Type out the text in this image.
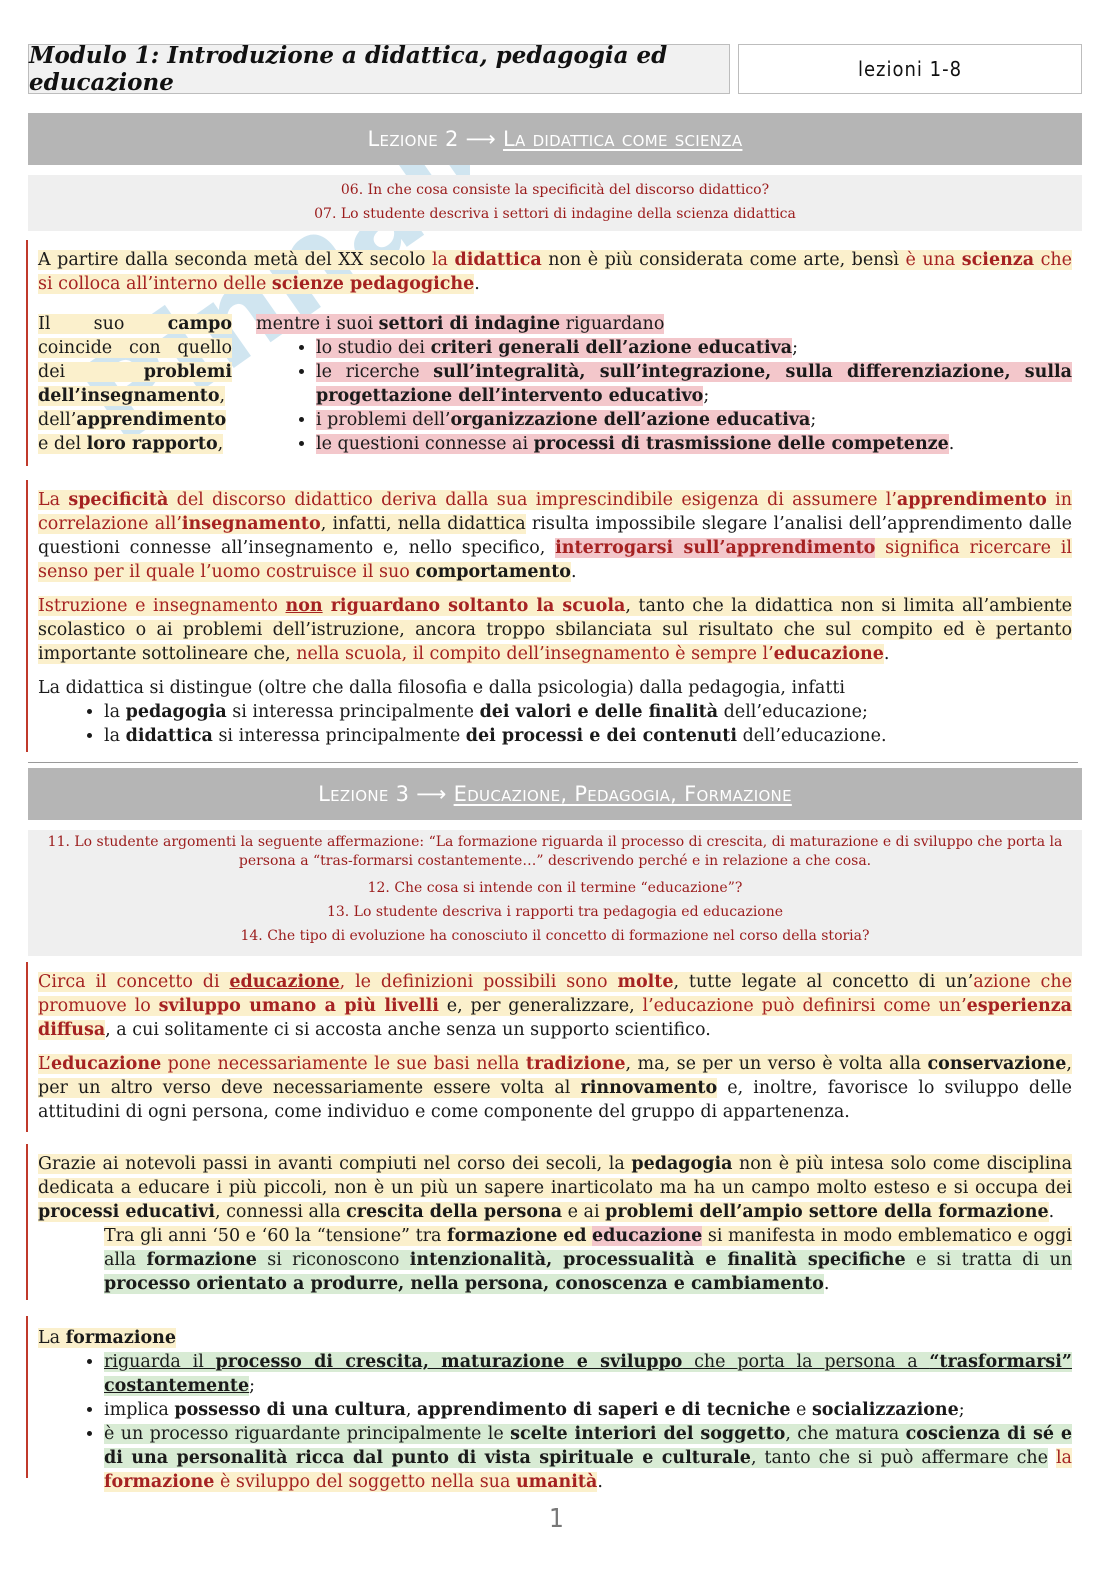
Modulo 1: Introduzione a didattica, pedagogia ed educazione	lezioni 1-8
Lezione 2 ⟶
La didattica come scienza
06. In che cosa consiste la specificità del discorso didattico?
07. Lo studente descriva i settori di indagine della scienza didattica

A partire dalla seconda metà del XX secolo la didattica non è più considerata come arte, bensì è una scienza che si colloca all’interno delle scienze pedagogiche.

Il suo campo coincide con quello dei problemi dell’insegnamento, dell’apprendimento e del loro rapporto,
mentre i suoi settori di indagine riguardano
• lo studio dei criteri generali dell’azione educativa;
• le ricerche sull’integralità, sull’integrazione, sulla differenziazione, sulla progettazione dell’intervento educativo;
• i problemi dell’organizzazione dell’azione educativa;
• le questioni connesse ai processi di trasmissione delle competenze.

La specificità del discorso didattico deriva dalla sua imprescindibile esigenza di assumere l’apprendimento in correlazione all’insegnamento, infatti, nella didattica risulta impossibile slegare l’analisi dell’apprendimento dalle questioni connesse all’insegnamento e, nello specifico, interrogarsi sull’apprendimento significa ricercare il senso per il quale l’uomo costruisce il suo comportamento.

Istruzione e insegnamento non riguardano soltanto la scuola, tanto che la didattica non si limita all’ambiente scolastico o ai problemi dell’istruzione, ancora troppo sbilanciata sul risultato che sul compito ed è pertanto importante sottolineare che, nella scuola, il compito dell’insegnamento è sempre l’educazione.

La didattica si distingue (oltre che dalla filosofia e dalla psicologia) dalla pedagogia, infatti

• la pedagogia si interessa principalmente dei valori e delle finalità dell’educazione;
• la didattica si interessa principalmente dei processi e dei contenuti dell’educazione.
Lezione 3 ⟶
Educazione, Pedagogia, Formazione
11. Lo studente argomenti la seguente affermazione: “La formazione riguarda il processo di crescita, di maturazione e di sviluppo che porta la persona a “tras-formarsi costantemente…” descrivendo perché e in relazione a che cosa.
12. Che cosa si intende con il termine “educazione”?
13. Lo studente descriva i rapporti tra pedagogia ed educazione
14. Che tipo di evoluzione ha conosciuto il concetto di formazione nel corso della storia?

Circa il concetto di educazione, le definizioni possibili sono molte, tutte legate al concetto di un’azione che promuove lo sviluppo umano a più livelli e, per generalizzare, l’educazione può definirsi come un’esperienza diffusa, a cui solitamente ci si accosta anche senza un supporto scientifico.

L’educazione pone necessariamente le sue basi nella tradizione, ma, se per un verso è volta alla conservazione, per un altro verso deve necessariamente essere volta al rinnovamento e, inoltre, favorisce lo sviluppo delle attitudini di ogni persona, come individuo e come componente del gruppo di appartenenza.

Grazie ai notevoli passi in avanti compiuti nel corso dei secoli, la pedagogia non è più intesa solo come disciplina dedicata a educare i più piccoli, non è un più un sapere inarticolato ma ha un campo molto esteso e si occupa dei processi educativi, connessi alla crescita della persona e ai problemi dell’ampio settore della formazione.

Tra gli anni ‘50 e ‘60 la “tensione” tra formazione ed educazione si manifesta in modo emblematico e oggi alla formazione si riconoscono intenzionalità, processualità e finalità specifiche e si tratta di un processo orientato a produrre, nella persona, conoscenza e cambiamento.

La formazione

• riguarda il processo di crescita, maturazione e sviluppo che porta la persona a “trasformarsi” costantemente;
• implica possesso di una cultura, apprendimento di saperi e di tecniche e socializzazione;
• è un processo riguardante principalmente le scelte interiori del soggetto, che matura coscienza di sé e di una personalità ricca dal punto di vista spirituale e culturale, tanto che si può affermare che la formazione è sviluppo del soggetto nella sua umanità.
1
